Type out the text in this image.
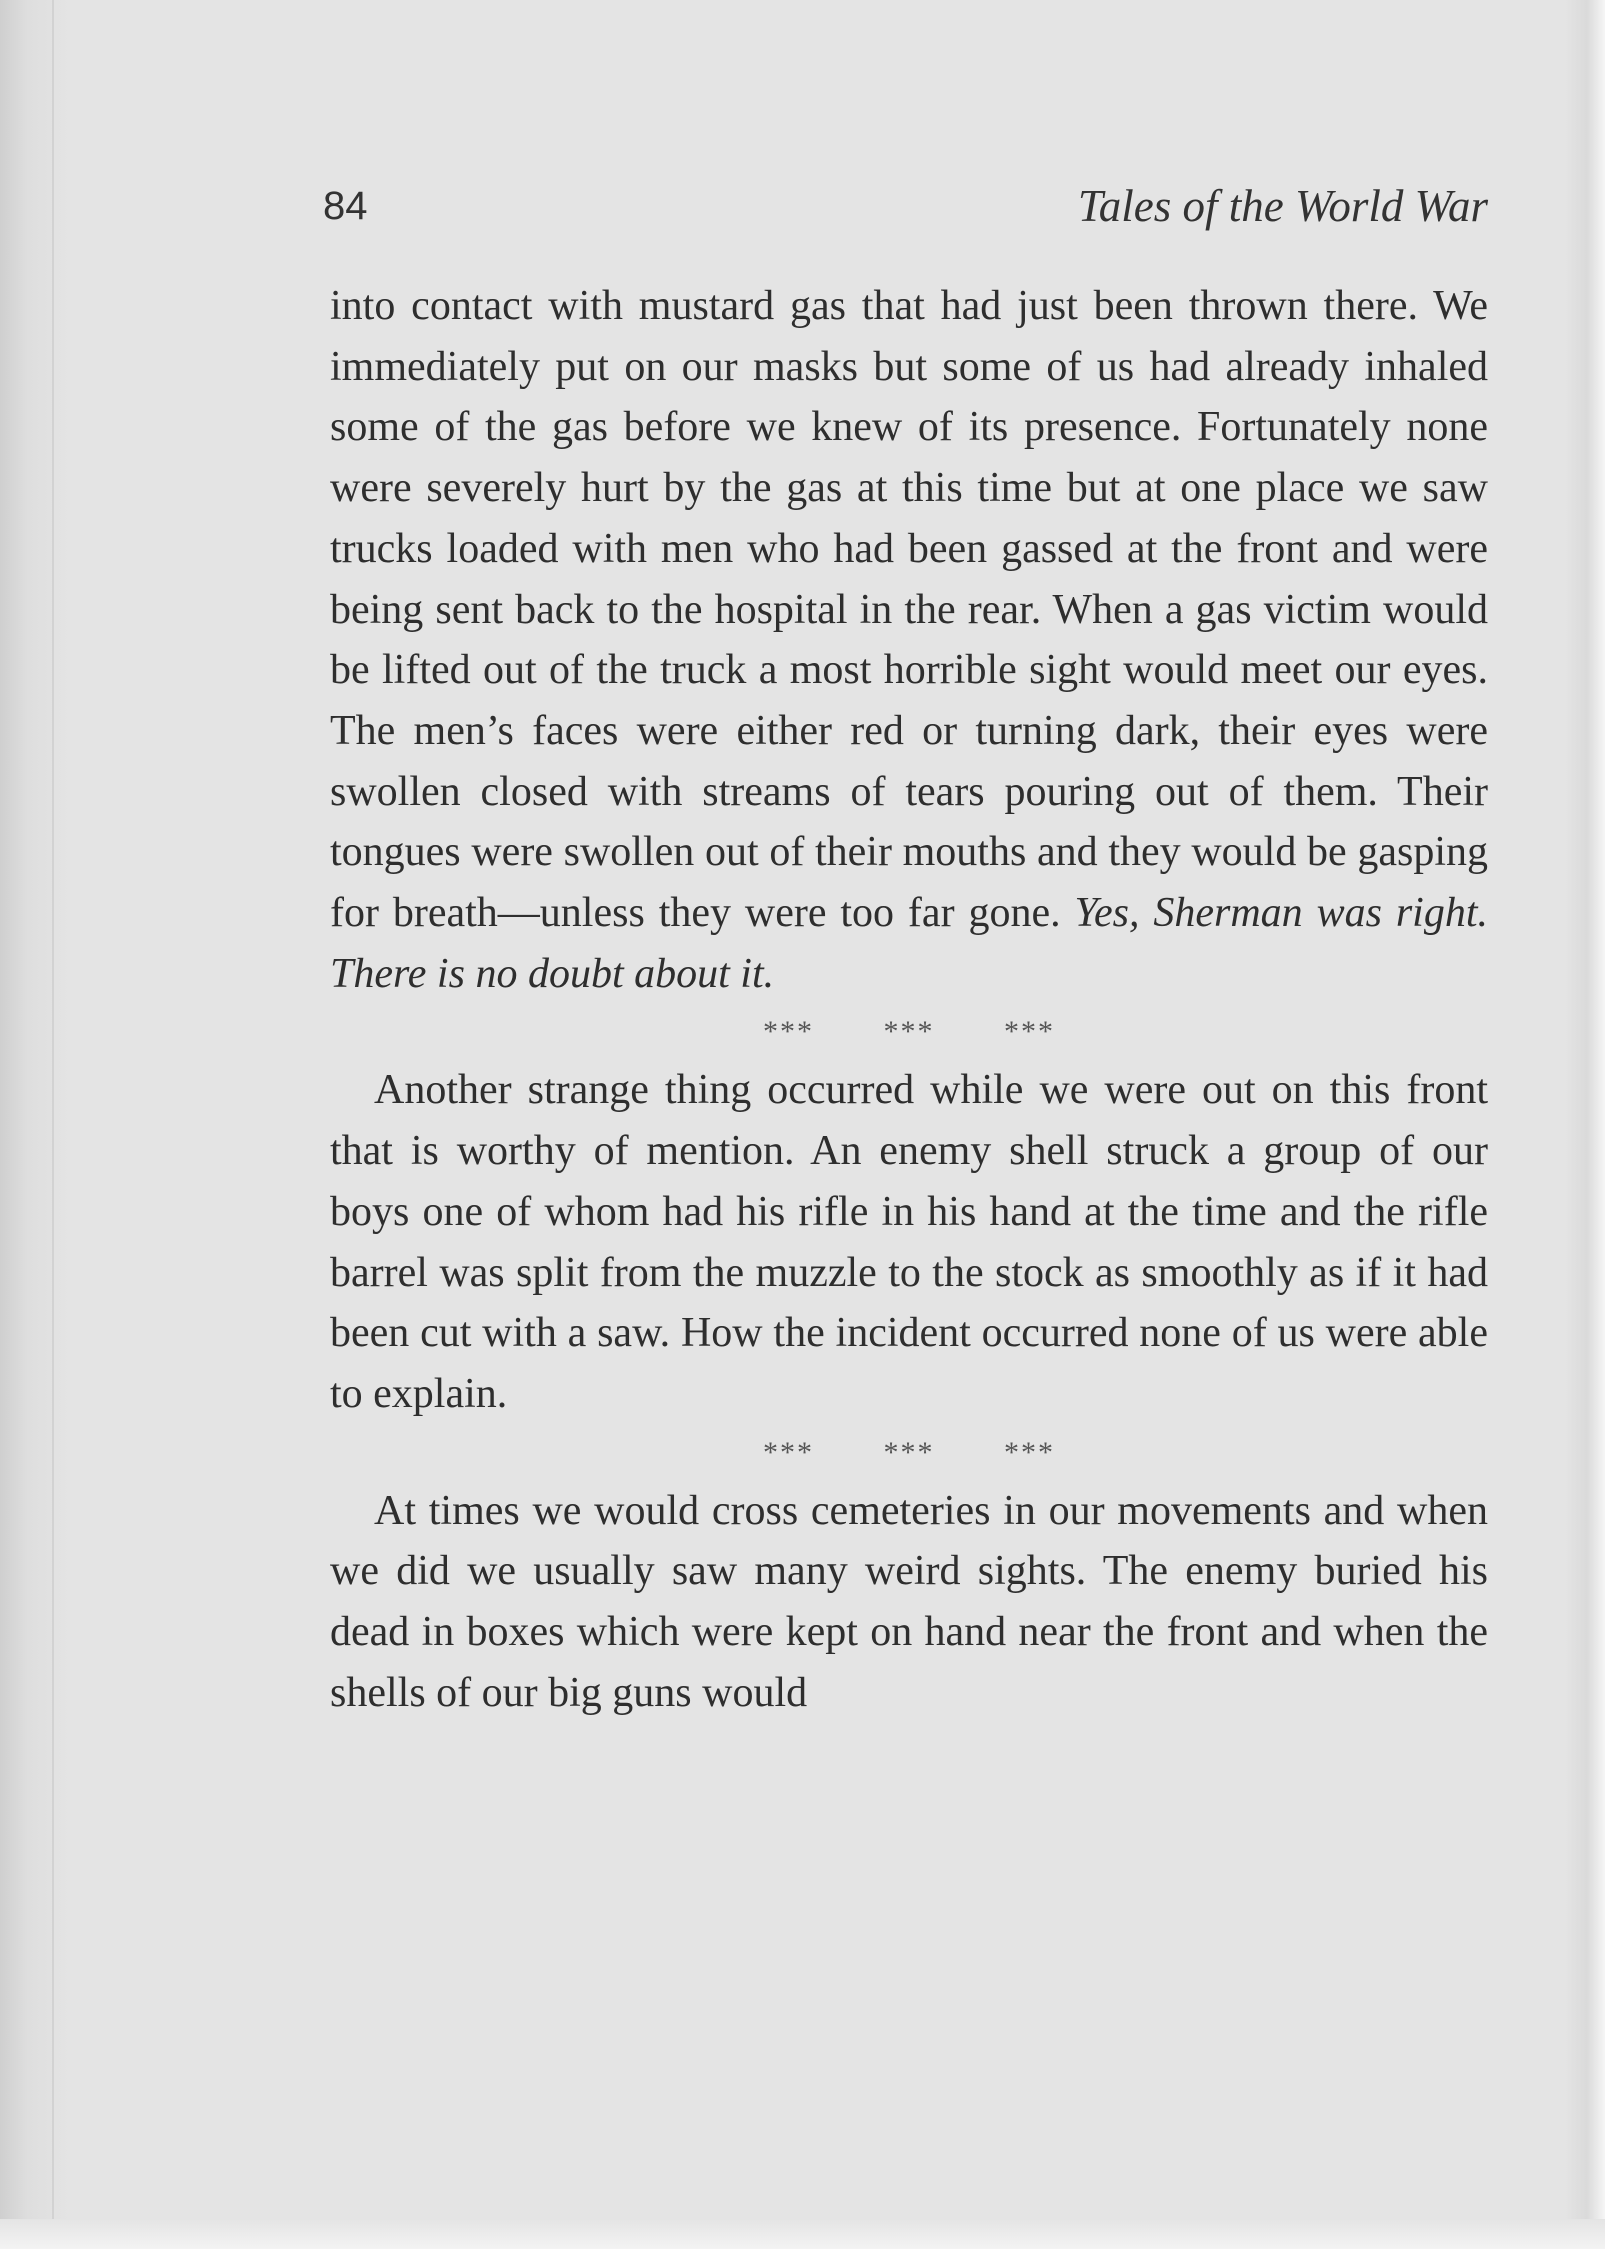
84	Tales of the World War

into contact with mustard gas that had just been thrown there. We immediately put on our masks but some of us had already inhaled some of the gas before we knew of its presence. Fortunately none were severely hurt by the gas at this time but at one place we saw trucks loaded with men who had been gassed at the front and were being sent back to the hospital in the rear. When a gas victim would be lifted out of the truck a most horrible sight would meet our eyes. The men’s faces were either red or turning dark, their eyes were swollen closed with streams of tears pouring out of them. Their tongues were swollen out of their mouths and they would be gasping for breath—unless they were too far gone. Yes, Sherman was right. There is no doubt about it.

*** *** ***

Another strange thing occurred while we were out on this front that is worthy of mention. An enemy shell struck a group of our boys one of whom had his rifle in his hand at the time and the rifle barrel was split from the muzzle to the stock as smoothly as if it had been cut with a saw. How the incident occurred none of us were able to explain.

*** *** ***

At times we would cross cemeteries in our movements and when we did we usually saw many weird sights. The enemy buried his dead in boxes which were kept on hand near the front and when the shells of our big guns would
